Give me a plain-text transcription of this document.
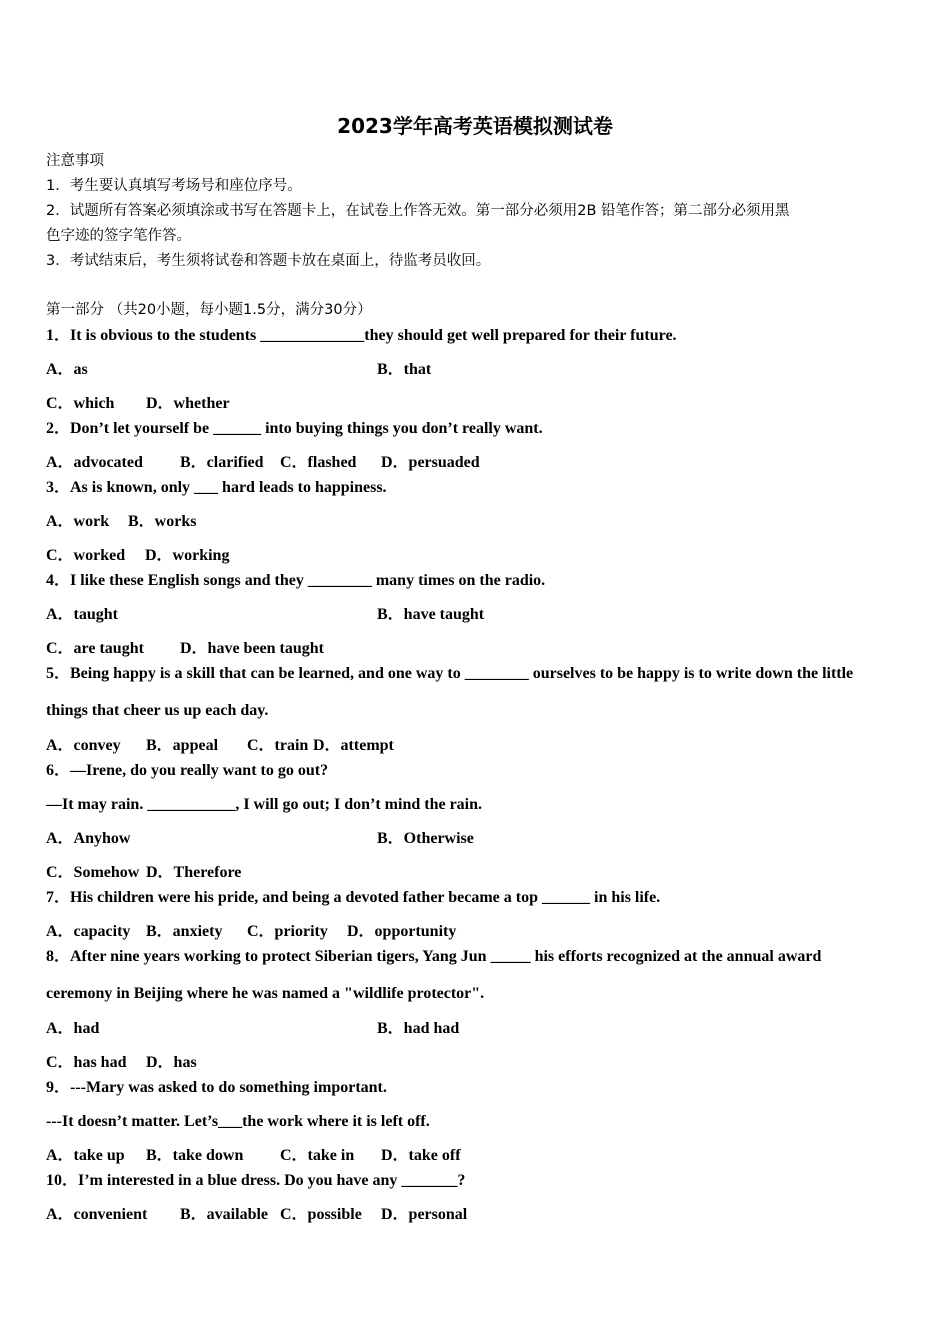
2023学年高考英语模拟测试卷
注意事项
1．考生要认真填写考场号和座位序号。
2．试题所有答案必须填涂或书写在答题卡上，在试卷上作答无效。第一部分必须用2B 铅笔作答；第二部分必须用黑
色字迹的签字笔作答。
3．考试结束后，考生须将试卷和答题卡放在桌面上，待监考员收回。
第一部分 （共20小题，每小题1.5分，满分30分）
1．It is obvious to the students _____________they should get well prepared for their future.
A．as	B．that
C．which D．whether
2．Don’t let yourself be ______ into buying things you don’t really want.
A．advocated B．clarified C．flashed D．persuaded
3．As is known, only ___ hard leads to happiness.
A．work B．works
C．worked D．working
4．I like these English songs and they ________ many times on the radio.
A．taught	B．have taught
C．are taught D．have been taught
5．Being happy is a skill that can be learned, and one way to ________ ourselves to be happy is to write down the little
things that cheer us up each day.
A．convey B．appeal C．train D．attempt
6．—Irene, do you really want to go out?
—It may rain. ___________, I will go out; I don’t mind the rain.
A．Anyhow	B．Otherwise
C．Somehow D．Therefore
7．His children were his pride, and being a devoted father became a top ______ in his life.
A．capacity B．anxiety C．priority D．opportunity
8．After nine years working to protect Siberian tigers, Yang Jun _____ his efforts recognized at the annual award
ceremony in Beijing where he was named a "wildlife protector".
A．had	B．had had
C．has had D．has
9．---Mary was asked to do something important.
---It doesn’t matter. Let’s___the work where it is left off.
A．take up B．take down C．take in D．take off
10．I’m interested in a blue dress. Do you have any _______?
A．convenient B．available C．possible D．personal
